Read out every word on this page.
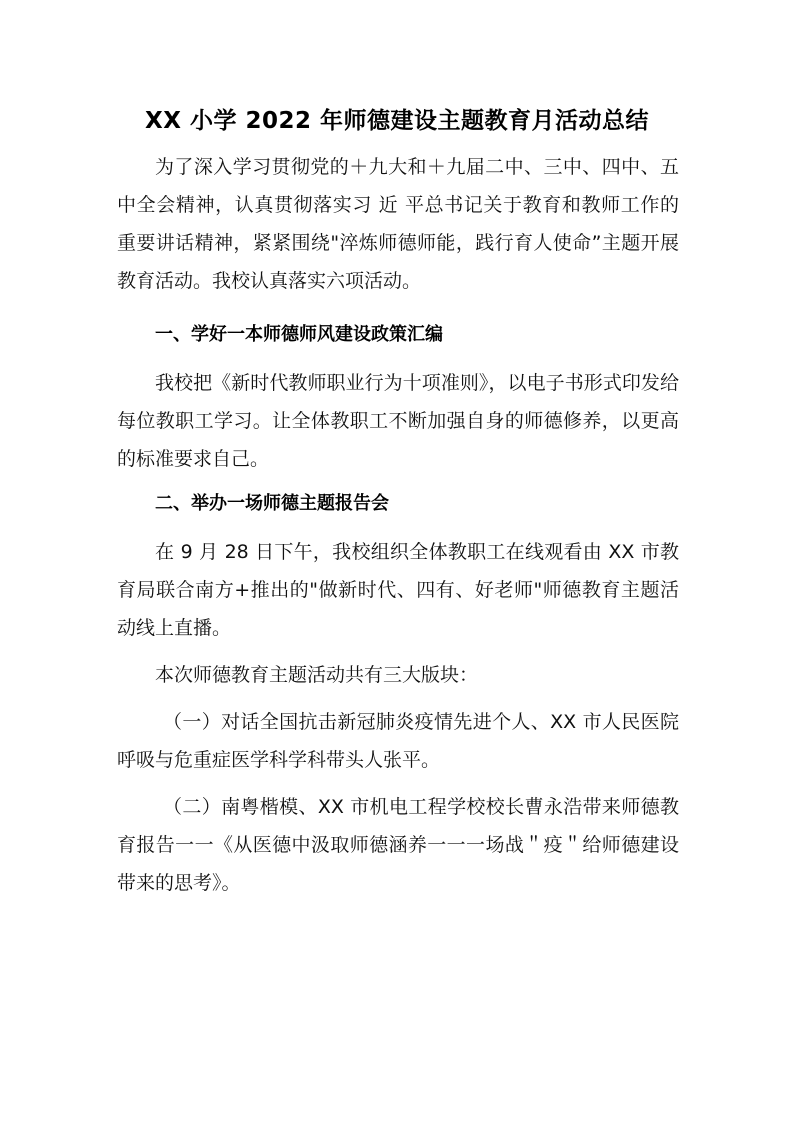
XX 小学 2022 年师德建设主题教育月活动总结

为了深入学习贯彻党的＋九大和＋九届二中、三中、四中、五中全会精神，认真贯彻落实习 近 平总书记关于教育和教师工作的重要讲话精神，紧紧围绕"淬炼师德师能，践行育人使命”主题开展教育活动。我校认真落实六项活动。

一、学好一本师德师风建设政策汇编

我校把《新时代教师职业行为十项准则》，以电子书形式印发给每位教职工学习。让全体教职工不断加强自身的师德修养，以更高的标准要求自己。

二、举办一场师德主题报告会

在 9 月 28 日下午，我校组织全体教职工在线观看由 XX 市教育局联合南方+推出的"做新时代、四有、好老师"师德教育主题活动线上直播。

本次师德教育主题活动共有三大版块：

（一）对话全国抗击新冠肺炎疫情先进个人、XX 市人民医院呼吸与危重症医学科学科带头人张平。

（二）南粤楷模、XX 市机电工程学校校长曹永浩带来师德教育报告一一《从医德中汲取师德涵养一一一场战＂疫＂给师德建设带来的思考》。
